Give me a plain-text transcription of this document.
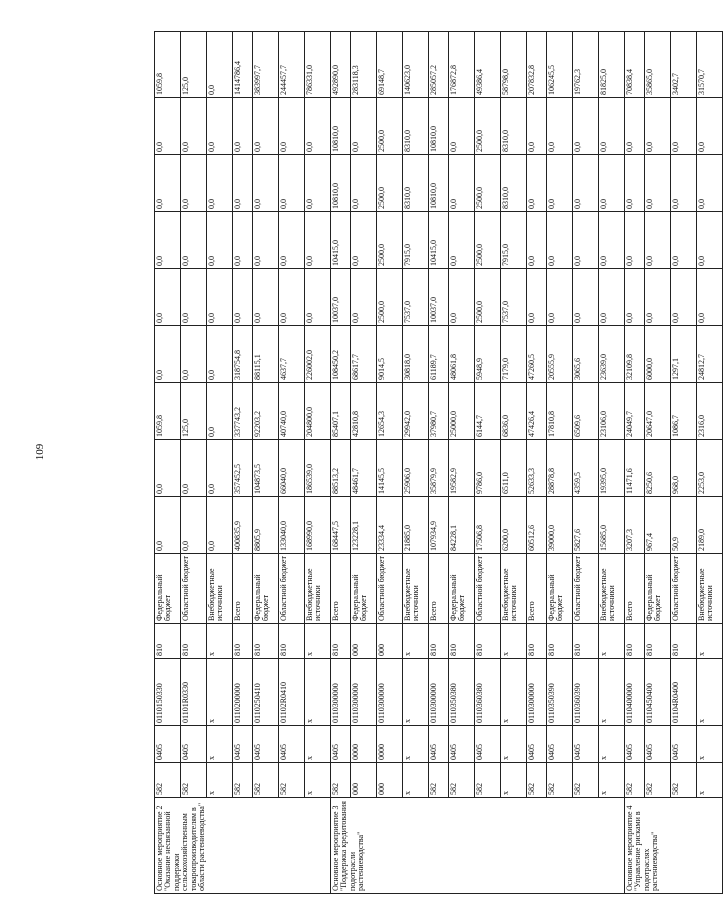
109
Основное мероприятие 2 "Оказание несвязанной поддержки сельскохозяйственным товаропроизводителям в области растениеводства"	582	0405	0110150330	810	Федеральный бюджет	0,0	0,0	1059,8	0,0	0,0	0,0	0,0	0,0	1059,8
	582	0405	01101R0330	810	Областной бюджет	0,0	0,0	125,0	0,0	0,0	0,0	0,0	0,0	125,0
	х	х	х	х	Внебюджетные источники	0,0	0,0	0,0	0,0	0,0	0,0	0,0	0,0	0,0
	582	0405	0110200000	810	Всего	400835,9	357452,5	337743,2	318754,8	0,0	0,0	0,0	0,0	1414786,4
	582	0405	0110250410	810	Федеральный бюджет	8805,9	104873,5	92203,2	88115,1	0,0	0,0	0,0	0,0	383997,7
	582	0405	01102R0410	810	Областной бюджет	133040,0	66040,0	40740,0	4637,7	0,0	0,0	0,0	0,0	244457,7
	х	х	х	х	Внебюджетные источники	168990,0	186539,0	204800,0	226002,0	0,0	0,0	0,0	0,0	786331,0
Основное мероприятие 3 "Поддержка кредитования подотрасли растениеводства"	582	0405	0110300000	810	Всего	168447,5	88513,2	85407,1	108450,2	10037,0	10415,0	10810,0	10810,0	492890,0
	000	0000	0110300000	000	Федеральный бюджет	123228,1	48461,7	42810,8	68617,7	0,0	0,0	0,0	0,0	283118,3
	000	0000	0110300000	000	Областной бюджет	23334,4	14145,5	12654,3	9014,5	2500,0	2500,0	2500,0	2500,0	69148,7
	х	х	х	х	Внебюджетные источники	21885,0	25906,0	29942,0	30818,0	7537,0	7915,0	8310,0	8310,0	140623,0
	582	0405	0110300000	810	Всего	107934,9	35879,9	37980,7	61189,7	10037,0	10415,0	10810,0	10810,0	285057,2
	582	0405	0110350380	810	Федеральный бюджет	84228,1	19582,9	25000,0	48061,8	0,0	0,0	0,0	0,0	176872,8
	582	0405	0110360380	810	Областной бюджет	17506,8	9786,0	6144,7	5948,9	2500,0	2500,0	2500,0	2500,0	49386,4
	х	х	х	х	Внебюджетные источники	6200,0	6511,0	6836,0	7179,0	7537,0	7915,0	8310,0	8310,0	58798,0
	582	0405	0110300000	810	Всего	60512,6	52633,3	47426,4	47260,5	0,0	0,0	0,0	0,0	207832,8
	582	0405	0110350390	810	Федеральный бюджет	39000,0	28878,8	17810,8	20555,9	0,0	0,0	0,0	0,0	106245,5
	582	0405	0110360390	810	Областной бюджет	5827,6	4359,5	6509,6	3065,6	0,0	0,0	0,0	0,0	19762,3
	х	х	х	х	Внебюджетные источники	15685,0	19395,0	23106,0	23639,0	0,0	0,0	0,0	0,0	81825,0
Основное мероприятие 4 "Управление рисками в подотраслях растениеводства"	582	0405	0110400000	810	Всего	3207,3	11471,6	24049,7	32109,8	0,0	0,0	0,0	0,0	70838,4
	582	0405	0110450400	810	Федеральный бюджет	967,4	8250,6	20647,0	6000,0	0,0	0,0	0,0	0,0	35865,0
	582	0405	01104R0400	810	Областной бюджет	50,9	968,0	1086,7	1297,1	0,0	0,0	0,0	0,0	3402,7
	х	х	х	х	Внебюджетные источники	2189,0	2253,0	2316,0	24812,7	0,0	0,0	0,0	0,0	31570,7
